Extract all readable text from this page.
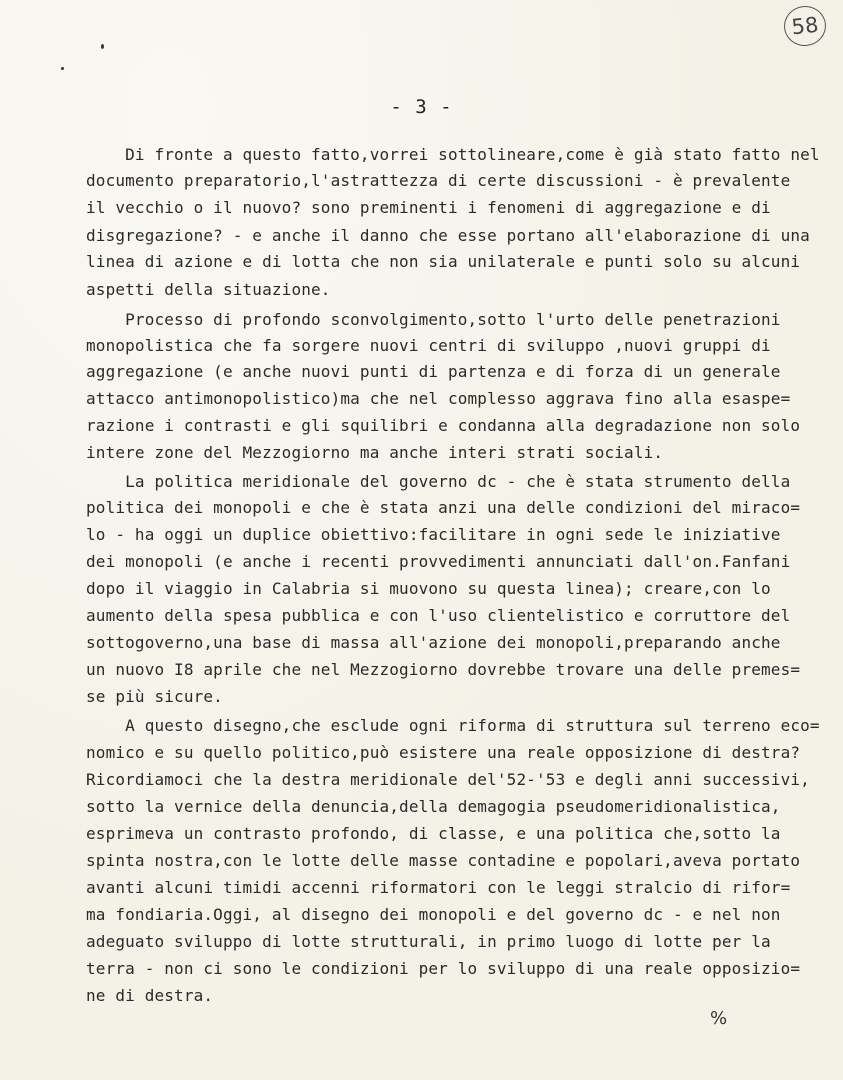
58
- 3 -
Di fronte a questo fatto,vorrei sottolineare,come è già stato fatto nel
documento preparatorio,l'astrattezza di certe discussioni - è prevalente
il vecchio o il nuovo? sono preminenti i fenomeni di aggregazione e di
disgregazione? - e anche il danno che esse portano all'elaborazione di una
linea di azione e di lotta che non sia unilaterale e punti solo su alcuni
aspetti della situazione.
Processo di profondo sconvolgimento,sotto l'urto delle penetrazioni
monopolistica che fa sorgere nuovi centri di sviluppo ,nuovi gruppi di
aggregazione (e anche nuovi punti di partenza e di forza di un generale
attacco antimonopolistico)ma che nel complesso aggrava fino alla esaspe=
razione i contrasti e gli squilibri e condanna alla degradazione non solo
intere zone del Mezzogiorno ma anche interi strati sociali.
La politica meridionale del governo dc - che è stata strumento della
politica dei monopoli e che è stata anzi una delle condizioni del miraco=
lo - ha oggi un duplice obiettivo:facilitare in ogni sede le iniziative
dei monopoli (e anche i recenti provvedimenti annunciati dall'on.Fanfani
dopo il viaggio in Calabria si muovono su questa linea); creare,con lo
aumento della spesa pubblica e con l'uso clientelistico e corruttore del
sottogoverno,una base di massa all'azione dei monopoli,preparando anche
un nuovo I8 aprile che nel Mezzogiorno dovrebbe trovare una delle premes=
se più sicure.
A questo disegno,che esclude ogni riforma di struttura sul terreno eco=
nomico e su quello politico,può esistere una reale opposizione di destra?
Ricordiamoci che la destra meridionale del'52-'53 e degli anni successivi,
sotto la vernice della denuncia,della demagogia pseudomeridionalistica,
esprimeva un contrasto profondo, di classe, e una politica che,sotto la
spinta nostra,con le lotte delle masse contadine e popolari,aveva portato
avanti alcuni timidi accenni riformatori con le leggi stralcio di rifor=
ma fondiaria.Oggi, al disegno dei monopoli e del governo dc - e nel non
adeguato sviluppo di lotte strutturali, in primo luogo di lotte per la
terra - non ci sono le condizioni per lo sviluppo di una reale opposizio=
ne di destra.
%
